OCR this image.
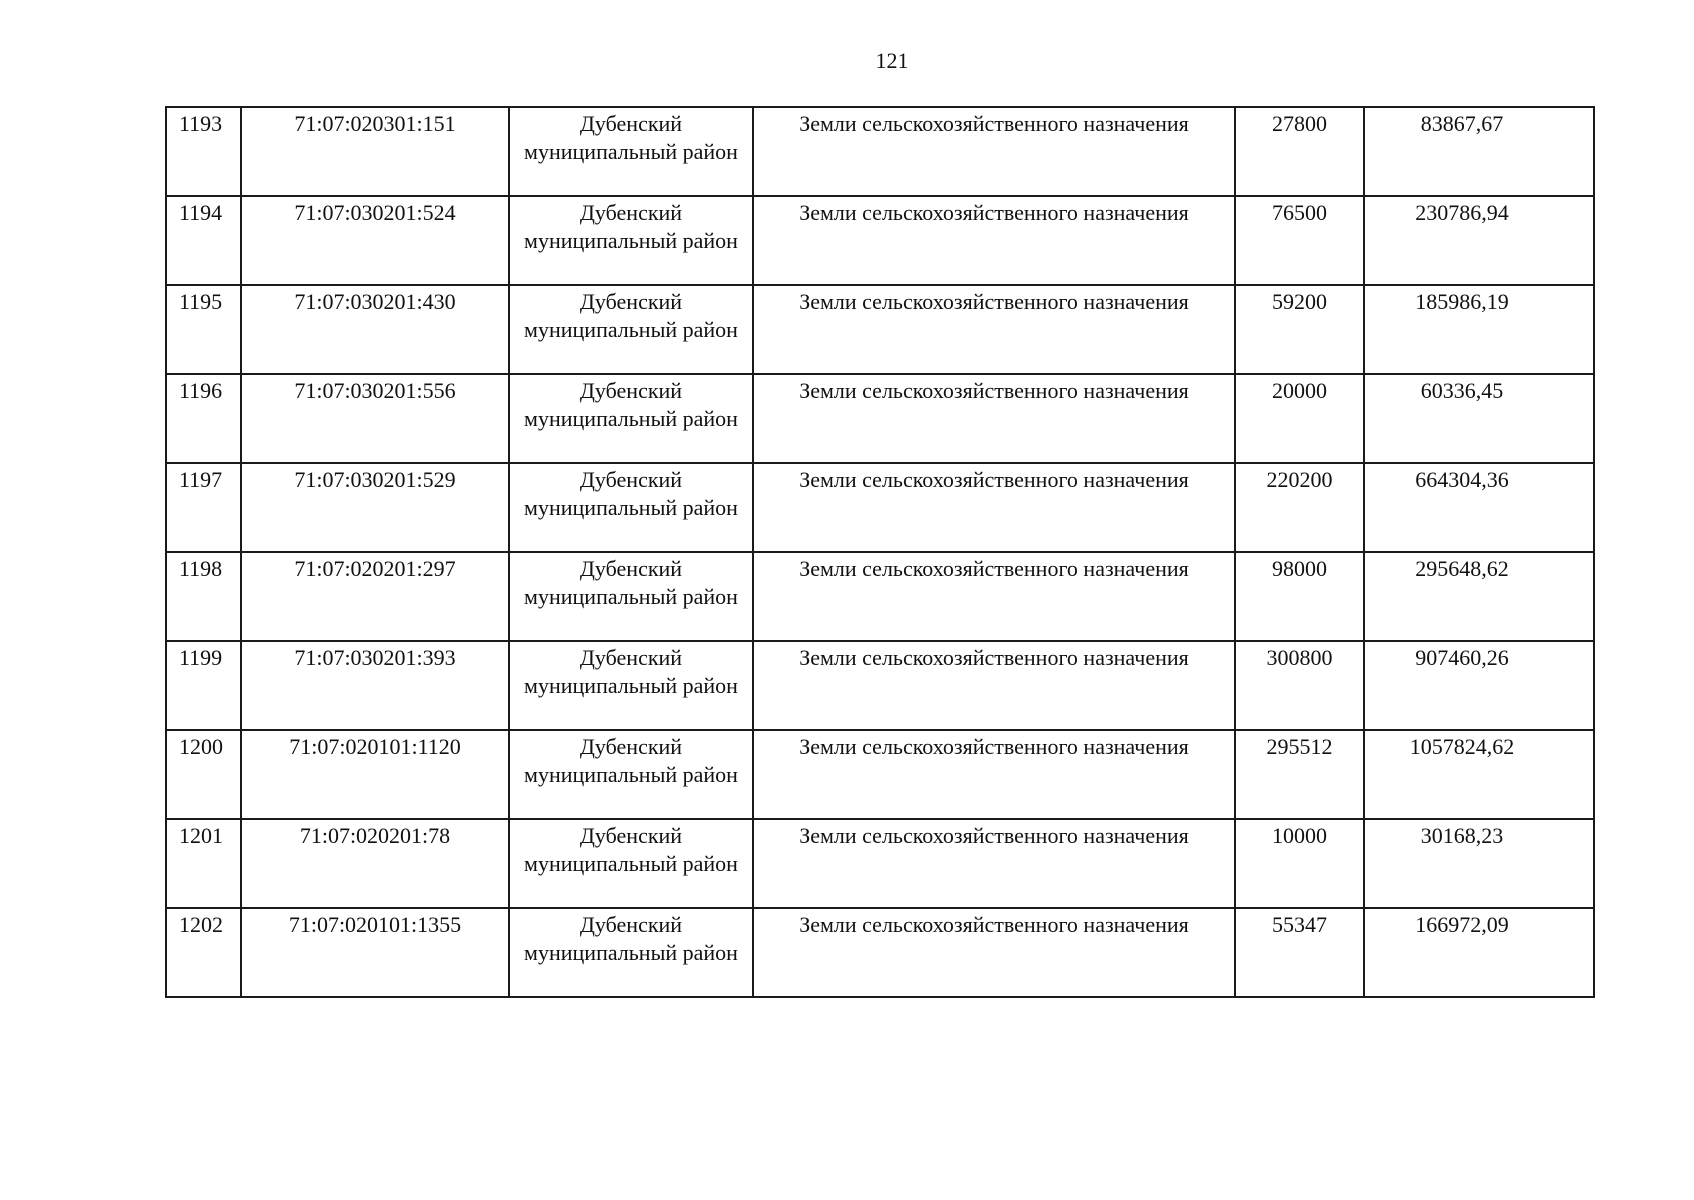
121
1193	71:07:020301:151	Дубенский муниципальный район	Земли сельскохозяйственного назначения	27800	83867,67
1194	71:07:030201:524	Дубенский муниципальный район	Земли сельскохозяйственного назначения	76500	230786,94
1195	71:07:030201:430	Дубенский муниципальный район	Земли сельскохозяйственного назначения	59200	185986,19
1196	71:07:030201:556	Дубенский муниципальный район	Земли сельскохозяйственного назначения	20000	60336,45
1197	71:07:030201:529	Дубенский муниципальный район	Земли сельскохозяйственного назначения	220200	664304,36
1198	71:07:020201:297	Дубенский муниципальный район	Земли сельскохозяйственного назначения	98000	295648,62
1199	71:07:030201:393	Дубенский муниципальный район	Земли сельскохозяйственного назначения	300800	907460,26
1200	71:07:020101:1120	Дубенский муниципальный район	Земли сельскохозяйственного назначения	295512	1057824,62
1201	71:07:020201:78	Дубенский муниципальный район	Земли сельскохозяйственного назначения	10000	30168,23
1202	71:07:020101:1355	Дубенский муниципальный район	Земли сельскохозяйственного назначения	55347	166972,09
